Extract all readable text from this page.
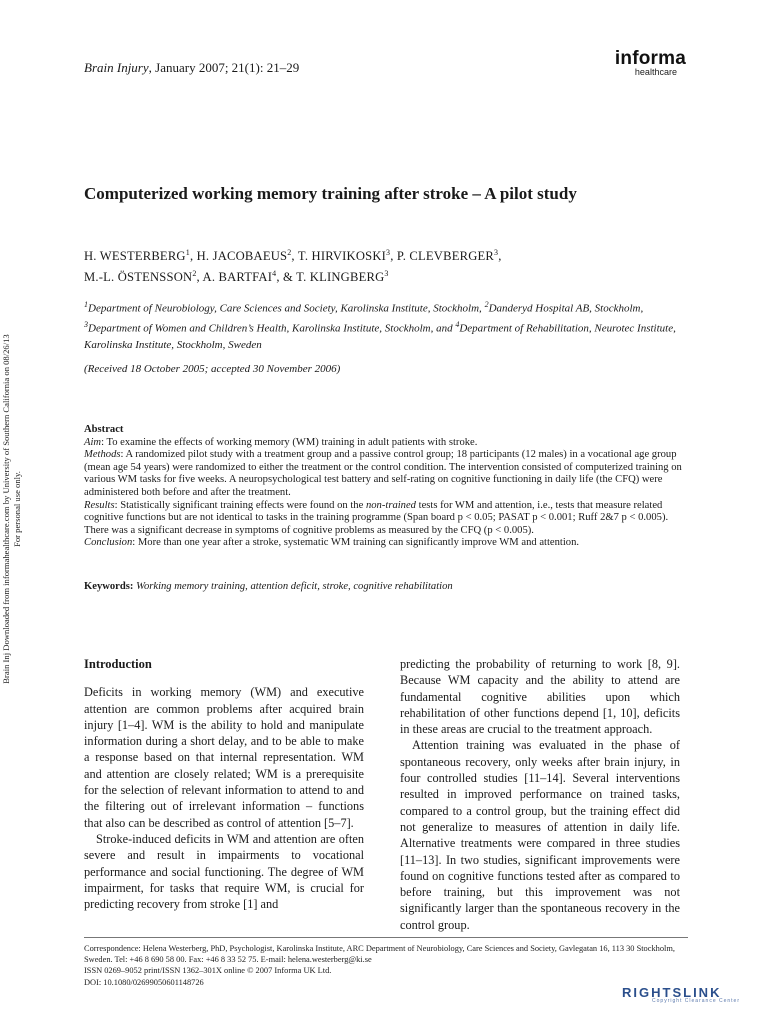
Brain Inj Downloaded from informahealthcare.com by University of Southern California on 08/26/13 For personal use only.
Brain Injury, January 2007; 21(1): 21–29	informa
healthcare
Computerized working memory training after stroke – A pilot study
H. WESTERBERG$^1$, H. JACOBAEUS$^2$, T. HIRVIKOSKI$^3$, P. CLEVBERGER$^3$,
M.-L. ÖSTENSSON$^2$, A. BARTFAI$^4$, & T. KLINGBERG$^3$
$^1$Department of Neurobiology, Care Sciences and Society, Karolinska Institute, Stockholm, $^2$Danderyd Hospital AB, Stockholm, $^3$Department of Women and Children’s Health, Karolinska Institute, Stockholm, and $^4$Department of Rehabilitation, Neurotec Institute, Karolinska Institute, Stockholm, Sweden
(Received 18 October 2005; accepted 30 November 2006)
Abstract
Aim: To examine the effects of working memory (WM) training in adult patients with stroke.
Methods: A randomized pilot study with a treatment group and a passive control group; 18 participants (12 males) in a vocational age group (mean age 54 years) were randomized to either the treatment or the control condition. The intervention consisted of computerized training on various WM tasks for five weeks. A neuropsychological test battery and self-rating on cognitive functioning in daily life (the CFQ) were administered both before and after the treatment.
Results: Statistically significant training effects were found on the non-trained tests for WM and attention, i.e., tests that measure related cognitive functions but are not identical to tasks in the training programme (Span board p < 0.05; PASAT p < 0.001; Ruff 2&7 p < 0.005). There was a significant decrease in symptoms of cognitive problems as measured by the CFQ (p < 0.005).
Conclusion: More than one year after a stroke, systematic WM training can significantly improve WM and attention.
Keywords: Working memory training, attention deficit, stroke, cognitive rehabilitation
Introduction

Deficits in working memory (WM) and executive attention are common problems after acquired brain injury [1–4]. WM is the ability to hold and manipulate information during a short delay, and to be able to make a response based on that internal representation. WM and attention are closely related; WM is a prerequisite for the selection of relevant information to attend to and the filtering out of irrelevant information – functions that also can be described as control of attention [5–7].

Stroke-induced deficits in WM and attention are often severe and result in impairments to vocational performance and social functioning. The degree of WM impairment, for tasks that require WM, is crucial for predicting recovery from stroke [1] and

predicting the probability of returning to work [8, 9]. Because WM capacity and the ability to attend are fundamental cognitive abilities upon which rehabilitation of other functions depend [1, 10], deficits in these areas are crucial to the treatment approach.

Attention training was evaluated in the phase of spontaneous recovery, only weeks after brain injury, in four controlled studies [11–14]. Several interventions resulted in improved performance on trained tasks, compared to a control group, but the training effect did not generalize to measures of attention in daily life. Alternative treatments were compared in three studies [11–13]. In two studies, significant improvements were found on cognitive functions tested after as compared to before training, but this improvement was not significantly larger than the spontaneous recovery in the control group.

Correspondence: Helena Westerberg, PhD, Psychologist, Karolinska Institute, ARC Department of Neurobiology, Care Sciences and Society, Gavlegatan 16, 113 30 Stockholm, Sweden. Tel: +46 8 690 58 00. Fax: +46 8 33 52 75. E-mail: helena.westerberg@ki.se
ISSN 0269–9052 print/ISSN 1362–301X online © 2007 Informa UK Ltd.
DOI: 10.1080/02699050601148726
RIGHTSLINK
Copyright Clearance Center
